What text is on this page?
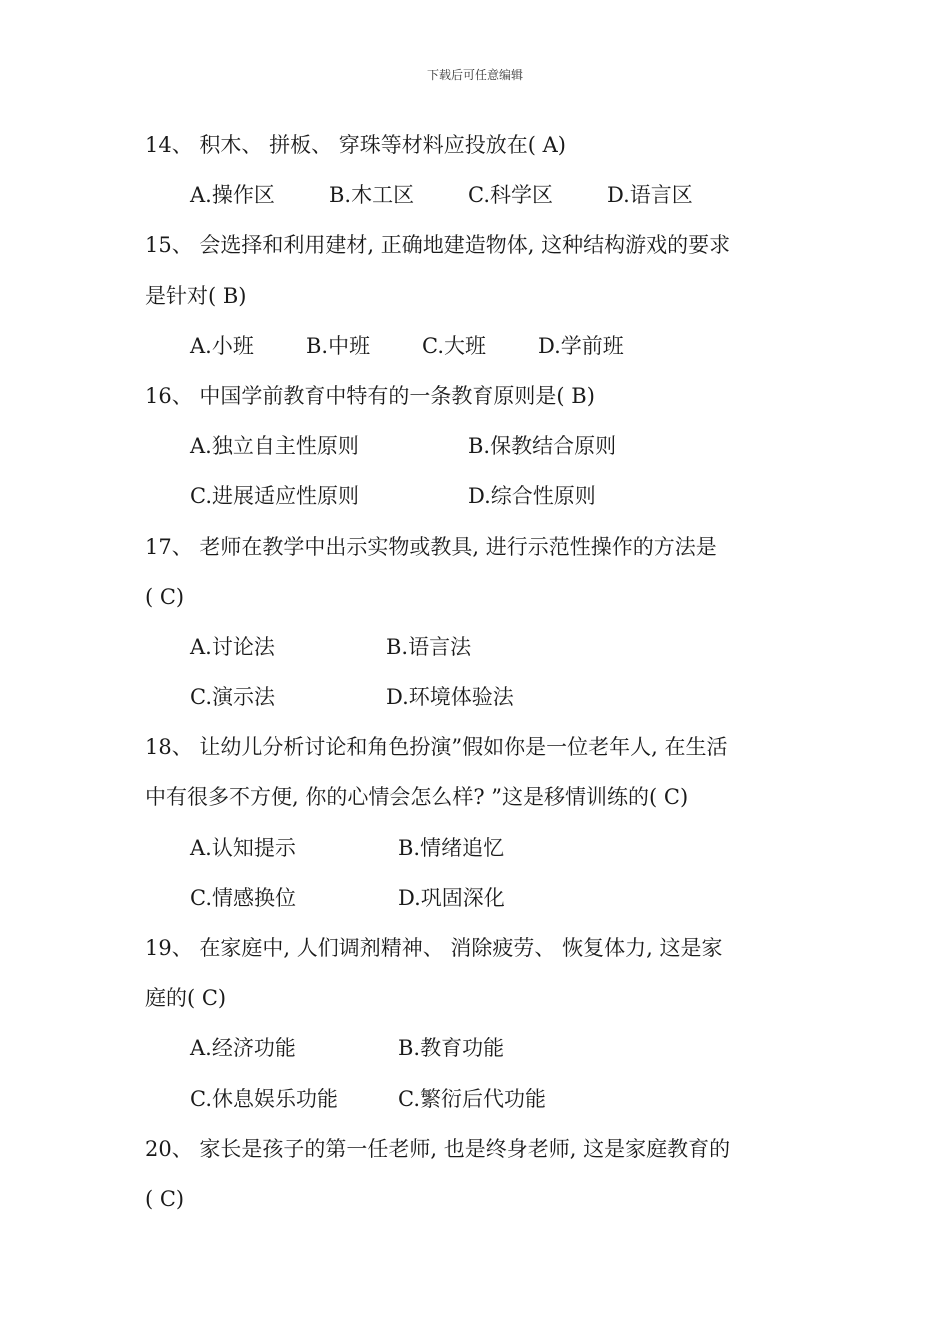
下载后可任意编辑
14、 积木、 拼板、 穿珠等材料应投放在( A)
A.操作区	B.木工区	C.科学区	D.语言区
15、 会选择和利用建材, 正确地建造物体, 这种结构游戏的要求
是针对( B)
A.小班 B.中班 C.大班 D.学前班
16、 中国学前教育中特有的一条教育原则是( B)
A.独立自主性原则	B.保教结合原则
C.进展适应性原则	D.综合性原则
17、 老师在教学中出示实物或教具, 进行示范性操作的方法是
( C)
A.讨论法	B.语言法
C.演示法	D.环境体验法
18、 让幼儿分析讨论和角色扮演”假如你是一位老年人, 在生活
中有很多不方便, 你的心情会怎么样? ”这是移情训练的( C)
A.认知提示	B.情绪追忆
C.情感换位	D.巩固深化
19、 在家庭中, 人们调剂精神、 消除疲劳、 恢复体力, 这是家
庭的( C)
A.经济功能	B.教育功能
C.休息娱乐功能	C.繁衍后代功能
20、 家长是孩子的第一任老师, 也是终身老师, 这是家庭教育的
( C)
